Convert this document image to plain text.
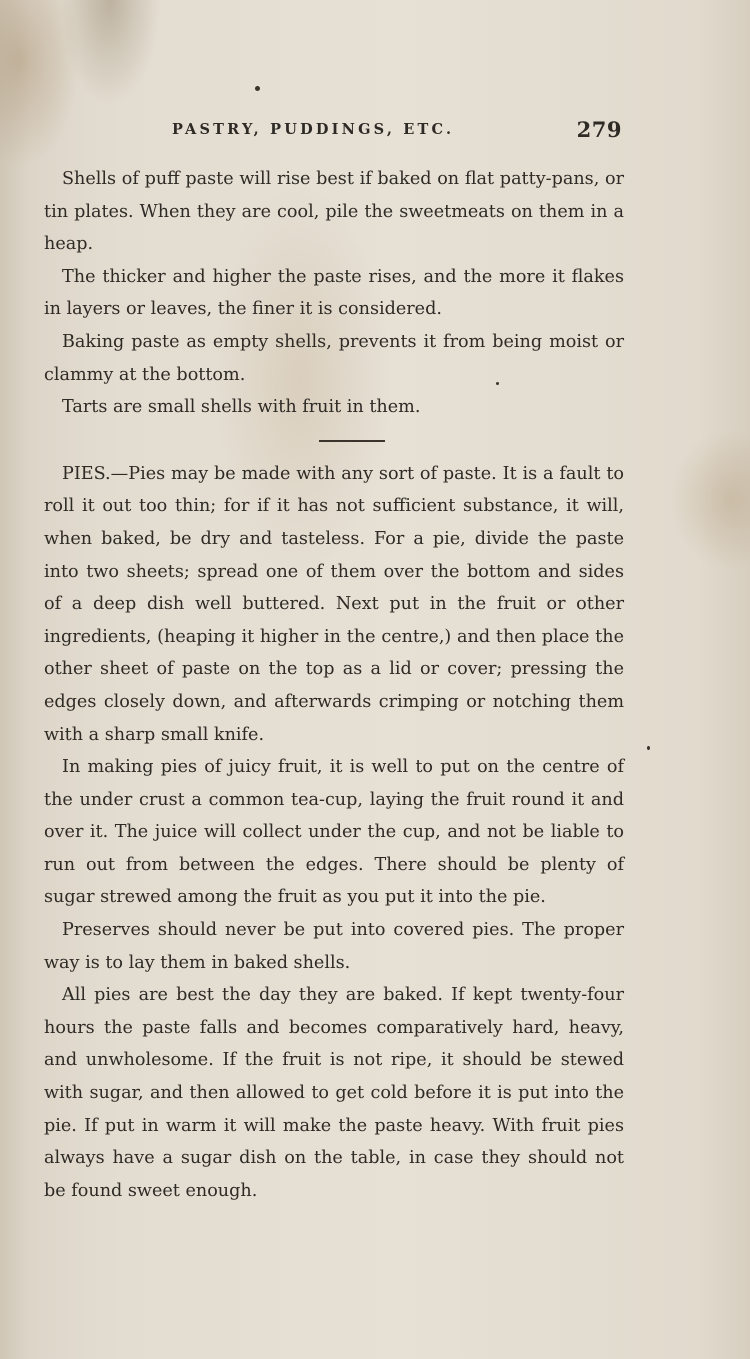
PASTRY, PUDDINGS, ETC.	279

Shells of puff paste will rise best if baked on flat patty-pans, or tin plates. When they are cool, pile the sweetmeats on them in a heap.

The thicker and higher the paste rises, and the more it flakes in layers or leaves, the finer it is considered.

Baking paste as empty shells, prevents it from being moist or clammy at the bottom.

Tarts are small shells with fruit in them.

PIES.—Pies may be made with any sort of paste. It is a fault to roll it out too thin; for if it has not sufficient substance, it will, when baked, be dry and tasteless. For a pie, divide the paste into two sheets; spread one of them over the bottom and sides of a deep dish well buttered. Next put in the fruit or other ingredients, (heaping it higher in the centre,) and then place the other sheet of paste on the top as a lid or cover; pressing the edges closely down, and afterwards crimping or notching them with a sharp small knife.

In making pies of juicy fruit, it is well to put on the centre of the under crust a common tea-cup, laying the fruit round it and over it. The juice will collect under the cup, and not be liable to run out from between the edges. There should be plenty of sugar strewed among the fruit as you put it into the pie.

Preserves should never be put into covered pies. The proper way is to lay them in baked shells.

All pies are best the day they are baked. If kept twenty-four hours the paste falls and becomes comparatively hard, heavy, and unwholesome. If the fruit is not ripe, it should be stewed with sugar, and then allowed to get cold before it is put into the pie. If put in warm it will make the paste heavy. With fruit pies always have a sugar dish on the table, in case they should not be found sweet enough.
